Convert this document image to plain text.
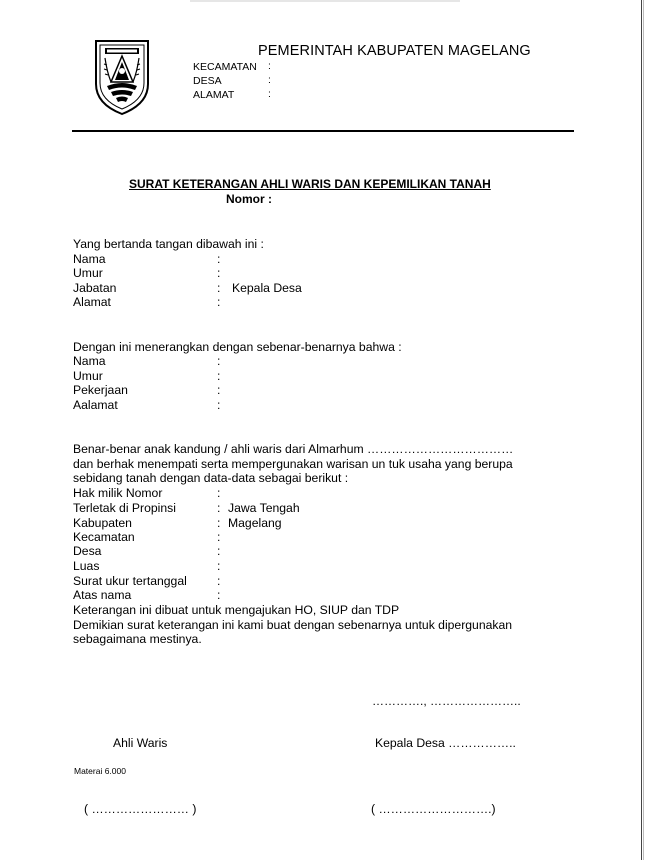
PEMERINTAH KABUPATEN MAGELANG
KECAMATAN :
DESA	:
ALAMAT	:
SURAT KETERANGAN AHLI WARIS DAN KEPEMILIKAN TANAH
Nomor :
Yang bertanda tangan dibawah ini :
Nama	:
Umur	:
Jabatan	: Kepala Desa
Alamat	:
Dengan ini menerangkan dengan sebenar-benarnya bahwa :
Nama	:
Umur	:
Pekerjaan	:
Aalamat	:
Benar-benar anak kandung / ahli waris dari Almarhum ………………………………
dan berhak menempati serta mempergunakan warisan un tuk usaha yang berupa
sebidang tanah dengan data-data sebagai berikut :
Hak milik Nomor	:
Terletak di Propinsi	: Jawa Tengah
Kabupaten	: Magelang
Kecamatan	:
Desa	:
Luas	:
Surat ukur tertanggal :
Atas nama	:
Keterangan ini dibuat untuk mengajukan HO, SIUP dan TDP
Demikian surat keterangan ini kami buat dengan sebenarnya untuk dipergunakan
sebagaimana mestinya.
…………., …………………..
Ahli Waris	Kepala Desa ……………..
Materai 6.000
( …………………… )	( ……………………….)
